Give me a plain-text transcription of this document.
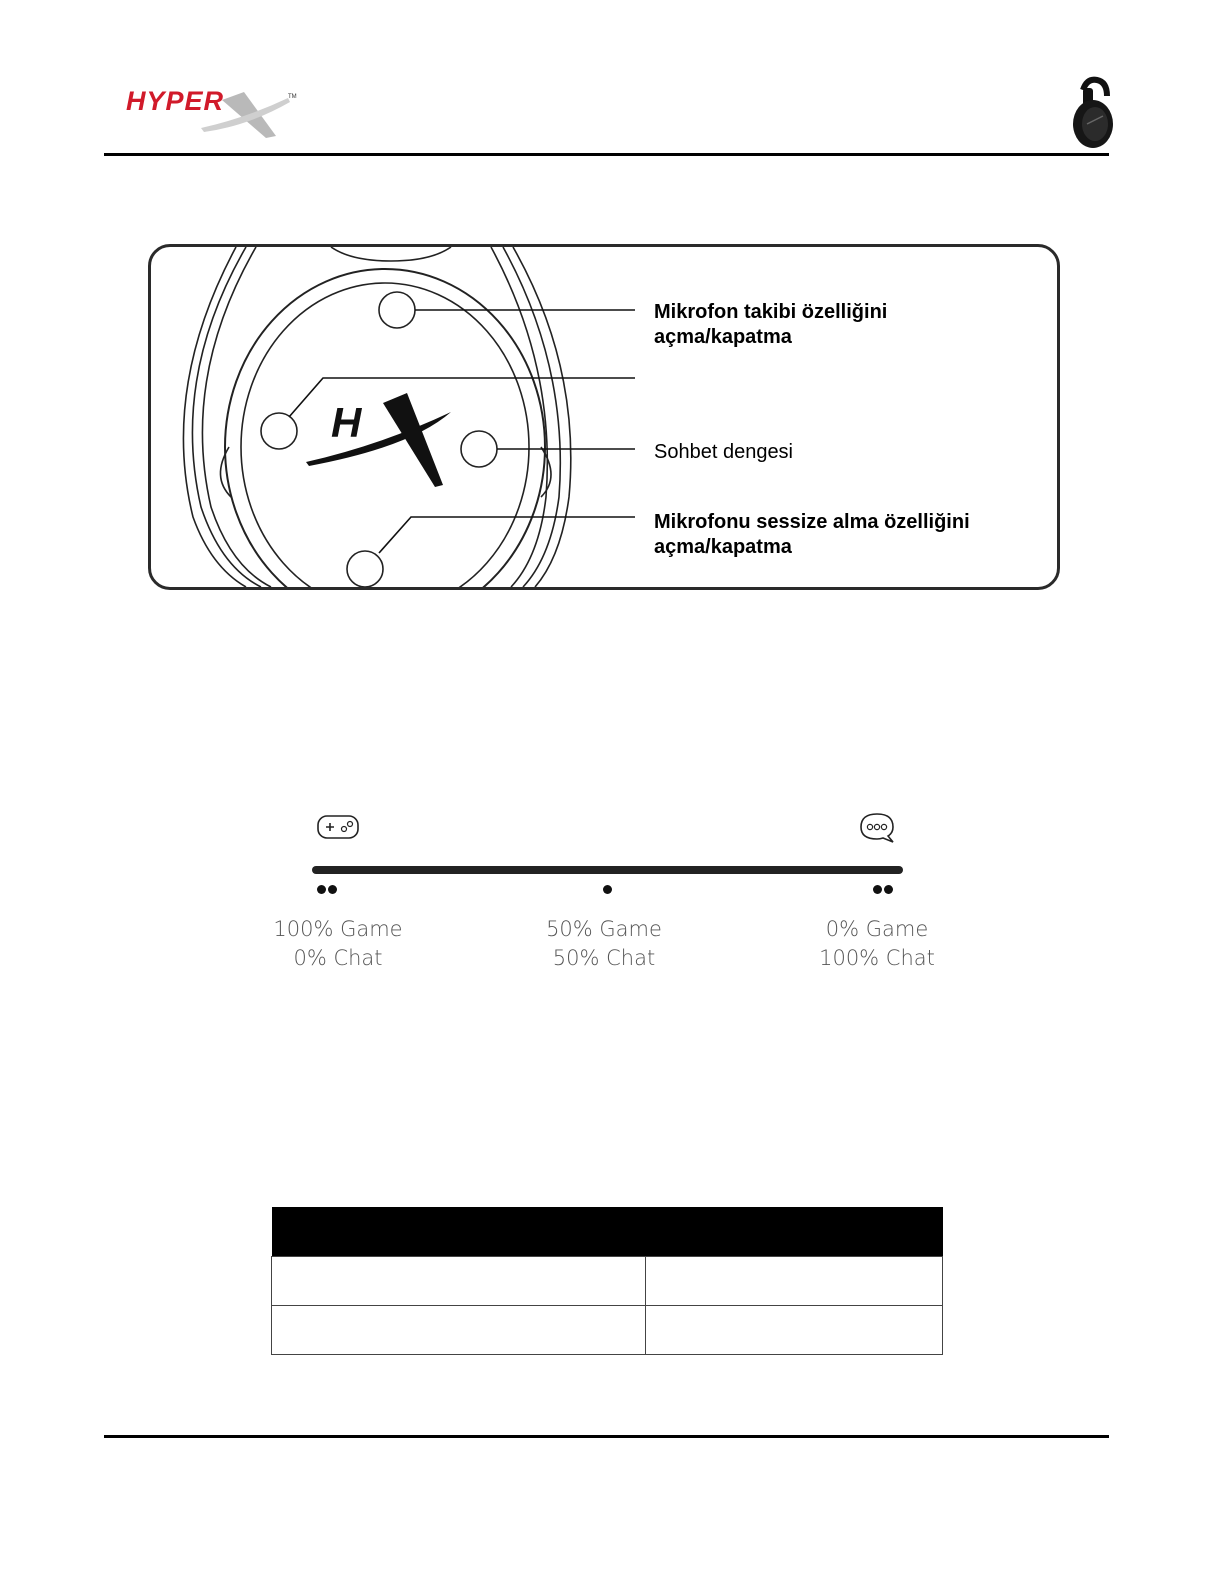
HYPER	TM
H
Mikrofon takibi özelliğini
açma/kapatma
Sohbet dengesi
Mikrofonu sessize alma özelliğini
açma/kapatma
100% Game
0% Chat
50% Game
50% Chat
0% Game
100% Chat
